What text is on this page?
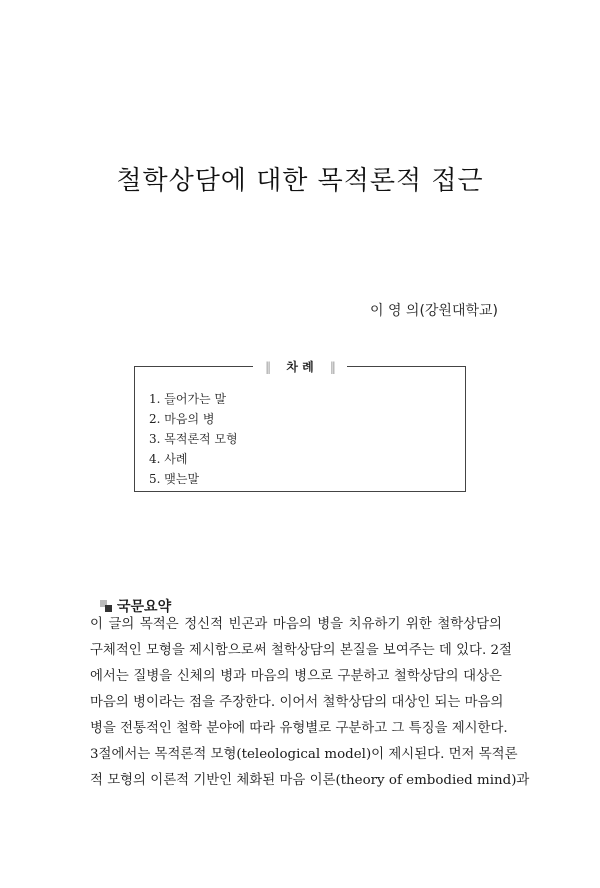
철학상담에 대한 목적론적 접근
이 영 의(강원대학교)
‖ 차 례 ‖
1. 들어가는 말
2. 마음의 병
3. 목적론적 모형
4. 사례
5. 맺는말
국문요약
이 글의 목적은 정신적 빈곤과 마음의 병을 치유하기 위한 철학상담의
구체적인 모형을 제시함으로써 철학상담의 본질을 보여주는 데 있다. 2절
에서는 질병을 신체의 병과 마음의 병으로 구분하고 철학상담의 대상은
마음의 병이라는 점을 주장한다. 이어서 철학상담의 대상인 되는 마음의
병을 전통적인 철학 분야에 따라 유형별로 구분하고 그 특징을 제시한다.
3절에서는 목적론적 모형(teleological model)이 제시된다. 먼저 목적론
적 모형의 이론적 기반인 체화된 마음 이론(theory of embodied mind)과
